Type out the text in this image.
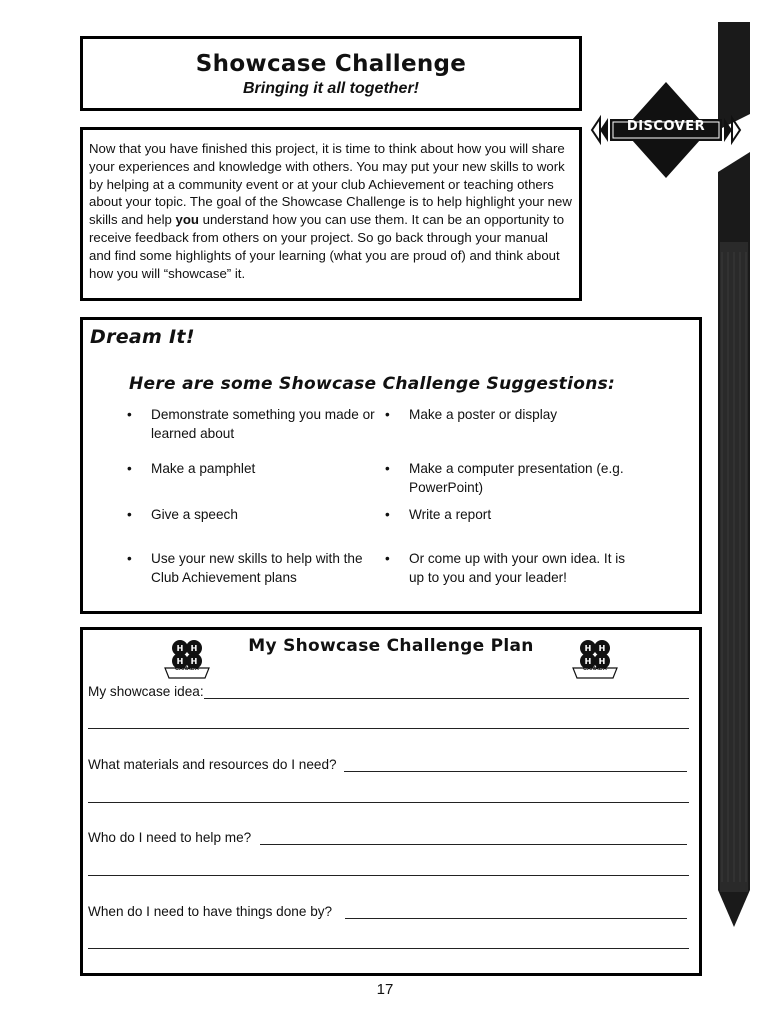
Showcase Challenge
Bringing it all together!
DISCOVER

Now that you have finished this project, it is time to think about how you will share your experiences and knowledge with others. You may put your new skills to work by helping at a community event or at your club Achievement or teaching others about your topic. The goal of the Showcase Challenge is to help highlight your new skills and help you understand how you can use them. It can be an opportunity to receive feedback from others on your project. So go back through your manual and find some highlights of your learning (what you are proud of) and think about how you will “showcase” it.

Dream It!
Here are some Showcase Challenge Suggestions:
• Demonstrate something you made or learned about
• Make a poster or display
• Make a pamphlet	• Make a computer presentation (e.g. PowerPoint)
• Give a speech	• Write a report
• Use your new skills to help with the Club Achievement plans
• Or come up with your own idea. It is up to you and your leader!
H H
H H
H H
H H
CANADA	CANADA
My Showcase Challenge Plan
My showcase idea:
What materials and resources do I need?
Who do I need to help me?
When do I need to have things done by?
17
